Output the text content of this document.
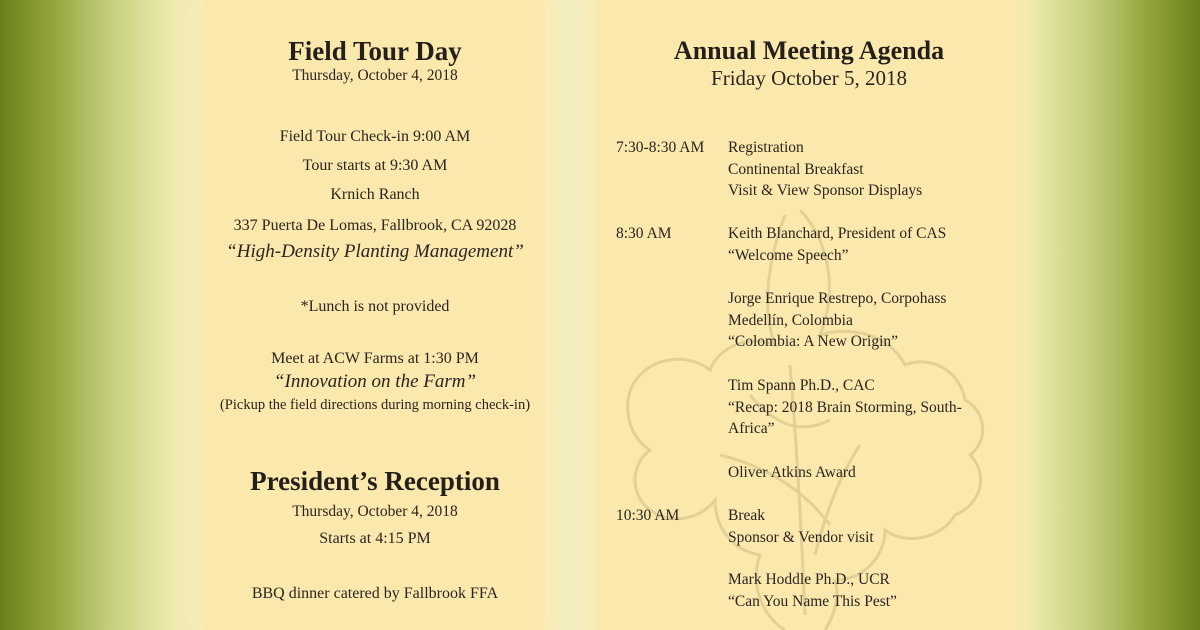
Field Tour Day
Thursday, October 4, 2018
Field Tour Check-in 9:00 AM
Tour starts at 9:30 AM
Krnich Ranch
337 Puerta De Lomas, Fallbrook, CA 92028
“High-Density Planting Management”
*Lunch is not provided
Meet at ACW Farms at 1:30 PM
“Innovation on the Farm”
(Pickup the field directions during morning check-in)
President’s Reception
Thursday, October 4, 2018
Starts at 4:15 PM
BBQ dinner catered by Fallbrook FFA
Annual Meeting Agenda
Friday October 5, 2018
7:30-8:30 AM Registration
Continental Breakfast
Visit & View Sponsor Displays
8:30 AM	Keith Blanchard, President of CAS
“Welcome Speech”
Jorge Enrique Restrepo, Corpohass
Medellín, Colombia
“Colombia: A New Origin”
Tim Spann Ph.D., CAC
“Recap: 2018 Brain Storming, South-
Africa”
Oliver Atkins Award
10:30 AM	Break
Sponsor & Vendor visit
Mark Hoddle Ph.D., UCR
“Can You Name This Pest”
